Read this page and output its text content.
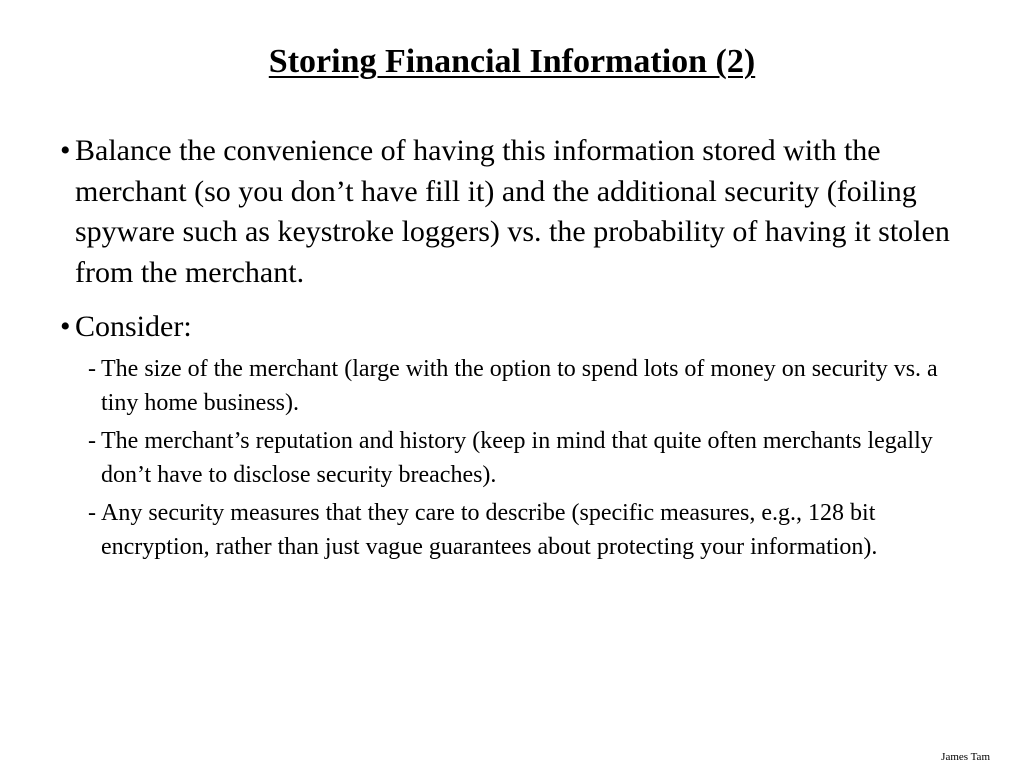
Storing Financial Information (2)
• Balance the convenience of having this information stored with the merchant (so you don’t have fill it) and the additional security (foiling spyware such as keystroke loggers) vs. the probability of having it stolen from the merchant.
• Consider:
- The size of the merchant (large with the option to spend lots of money on security vs. a tiny home business).
- The merchant’s reputation and history (keep in mind that quite often merchants legally don’t have to disclose security breaches).
- Any security measures that they care to describe (specific measures, e.g., 128 bit encryption, rather than just vague guarantees about protecting your information).
James Tam
